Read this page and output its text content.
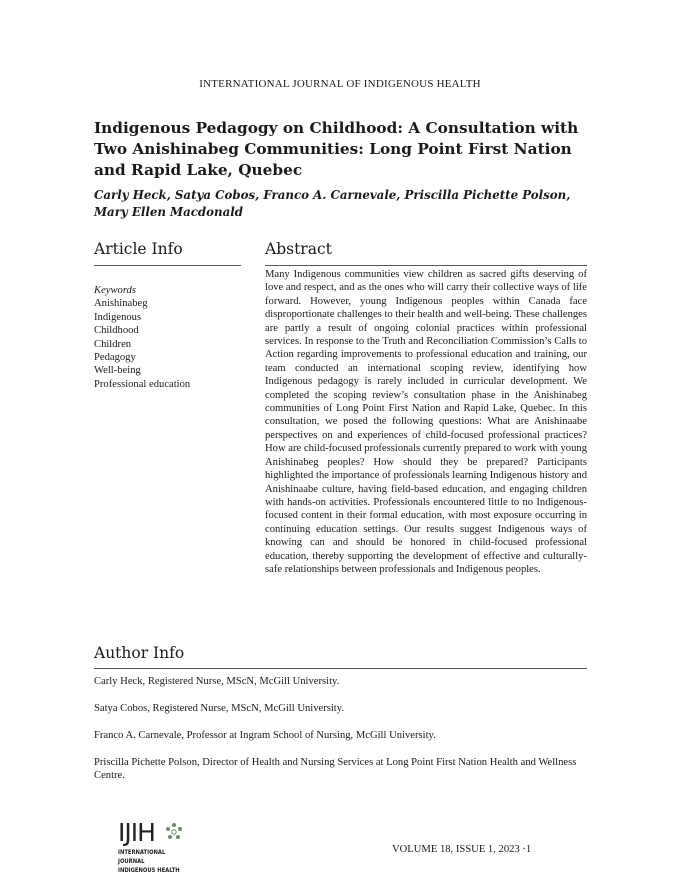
INTERNATIONAL JOURNAL OF INDIGENOUS HEALTH
Indigenous Pedagogy on Childhood: A Consultation with Two Anishinabeg Communities: Long Point First Nation and Rapid Lake, Quebec
Carly Heck, Satya Cobos, Franco A. Carnevale, Priscilla Pichette Polson, Mary Ellen Macdonald
Article Info	Abstract
Keywords
Anishinabeg
Indigenous
Childhood
Children
Pedagogy
Well-being
Professional education
Many Indigenous communities view children as sacred gifts deserving of love and respect, and as the ones who will carry their collective ways of life forward. However, young Indigenous peoples within Canada face disproportionate challenges to their health and well-being. These challenges are partly a result of ongoing colonial practices within professional services. In response to the Truth and Reconciliation Commission’s Calls to Action regarding improvements to professional education and training, our team conducted an international scoping review, identifying how Indigenous pedagogy is rarely included in curricular development. We completed the scoping review’s consultation phase in the Anishinabeg communities of Long Point First Nation and Rapid Lake, Quebec. In this consultation, we posed the following questions: What are Anishinaabe perspectives on and experiences of child-focused professional practices? How are child-focused professionals currently prepared to work with young Anishinabeg peoples? How should they be prepared? Participants highlighted the importance of professionals learning Indigenous history and Anishinaabe culture, having field-based education, and engaging children with hands-on activities. Professionals encountered little to no Indigenous-focused content in their formal education, with most exposure occurring in continuing education settings. Our results suggest Indigenous ways of knowing can and should be honored in child-focused professional education, thereby supporting the development of effective and culturally-safe relationships between professionals and Indigenous peoples.
Author Info
Carly Heck, Registered Nurse, MScN, McGill University.
Satya Cobos, Registered Nurse, MScN, McGill University.
Franco A. Carnevale, Professor at Ingram School of Nursing, McGill University.
Priscilla Pichette Polson, Director of Health and Nursing Services at Long Point First Nation Health and Wellness Centre.
IJIH
INTERNATIONAL JOURNAL
INDIGENOUS HEALTH
VOLUME 18, ISSUE 1, 2023 ·1
